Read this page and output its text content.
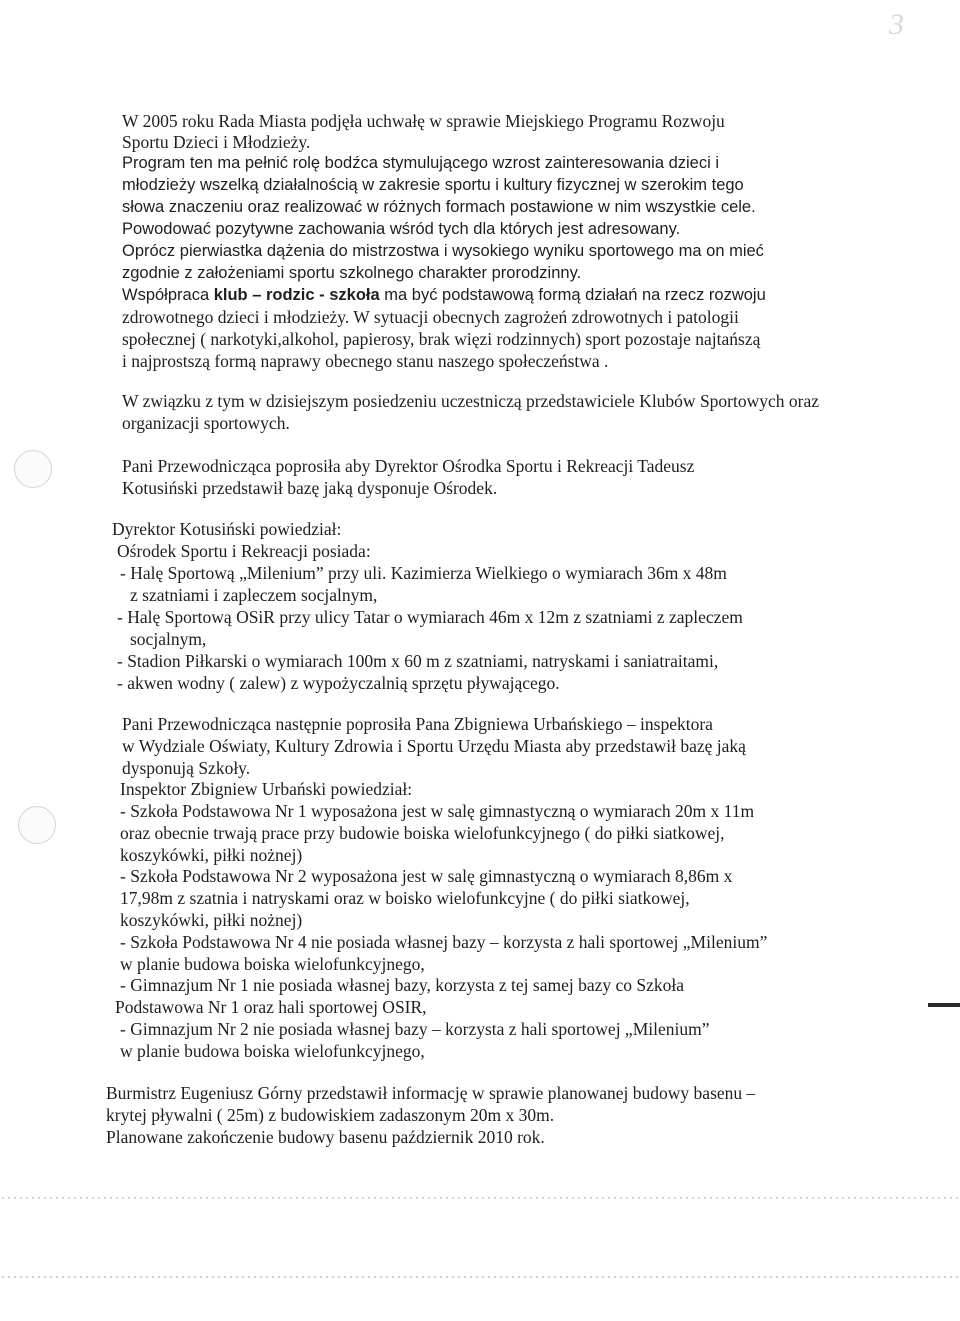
3
W 2005 roku Rada Miasta podjęła uchwałę w sprawie Miejskiego Programu Rozwoju
Sportu Dzieci i Młodzieży.
Program ten ma pełnić rolę bodźca stymulującego wzrost zainteresowania dzieci i
młodzieży wszelką działalnością w zakresie sportu i kultury fizycznej w szerokim tego
słowa znaczeniu oraz realizować w różnych formach postawione w nim wszystkie cele.
Powodować pozytywne zachowania wśród tych dla których jest adresowany.
Oprócz pierwiastka dążenia do mistrzostwa i wysokiego wyniku sportowego ma on mieć
zgodnie z założeniami sportu szkolnego charakter prorodzinny.
Współpraca klub – rodzic - szkoła ma być podstawową formą działań na rzecz rozwoju
zdrowotnego dzieci i młodzieży. W sytuacji obecnych zagrożeń zdrowotnych i patologii
społecznej ( narkotyki,alkohol, papierosy, brak więzi rodzinnych) sport pozostaje najtańszą
i najprostszą formą naprawy obecnego stanu naszego społeczeństwa .
W związku z tym w dzisiejszym posiedzeniu uczestniczą przedstawiciele Klubów Sportowych oraz
organizacji sportowych.
Pani Przewodnicząca poprosiła aby Dyrektor Ośrodka Sportu i Rekreacji Tadeusz
Kotusiński przedstawił bazę jaką dysponuje Ośrodek.
Dyrektor Kotusiński powiedział:
Ośrodek Sportu i Rekreacji posiada:
- Halę Sportową „Milenium” przy uli. Kazimierza Wielkiego o wymiarach 36m x 48m
z szatniami i zapleczem socjalnym,
- Halę Sportową OSiR przy ulicy Tatar o wymiarach 46m x 12m z szatniami z zapleczem
socjalnym,
- Stadion Piłkarski o wymiarach 100m x 60 m z szatniami, natryskami i saniatraitami,
- akwen wodny ( zalew) z wypożyczalnią sprzętu pływającego.
Pani Przewodnicząca następnie poprosiła Pana Zbigniewa Urbańskiego – inspektora
w Wydziale Oświaty, Kultury Zdrowia i Sportu Urzędu Miasta aby przedstawił bazę jaką
dysponują Szkoły.
Inspektor Zbigniew Urbański powiedział:
- Szkoła Podstawowa Nr 1 wyposażona jest w salę gimnastyczną o wymiarach 20m x 11m
oraz obecnie trwają prace przy budowie boiska wielofunkcyjnego ( do piłki siatkowej,
koszykówki, piłki nożnej)
- Szkoła Podstawowa Nr 2 wyposażona jest w salę gimnastyczną o wymiarach 8,86m x
17,98m z szatnia i natryskami oraz w boisko wielofunkcyjne ( do piłki siatkowej,
koszykówki, piłki nożnej)
- Szkoła Podstawowa Nr 4 nie posiada własnej bazy – korzysta z hali sportowej „Milenium”
w planie budowa boiska wielofunkcyjnego,
- Gimnazjum Nr 1 nie posiada własnej bazy, korzysta z tej samej bazy co Szkoła
Podstawowa Nr 1 oraz hali sportowej OSIR,
- Gimnazjum Nr 2 nie posiada własnej bazy – korzysta z hali sportowej „Milenium”
w planie budowa boiska wielofunkcyjnego,
Burmistrz Eugeniusz Górny przedstawił informację w sprawie planowanej budowy basenu –
krytej pływalni ( 25m) z budowiskiem zadaszonym 20m x 30m.
Planowane zakończenie budowy basenu październik 2010 rok.
